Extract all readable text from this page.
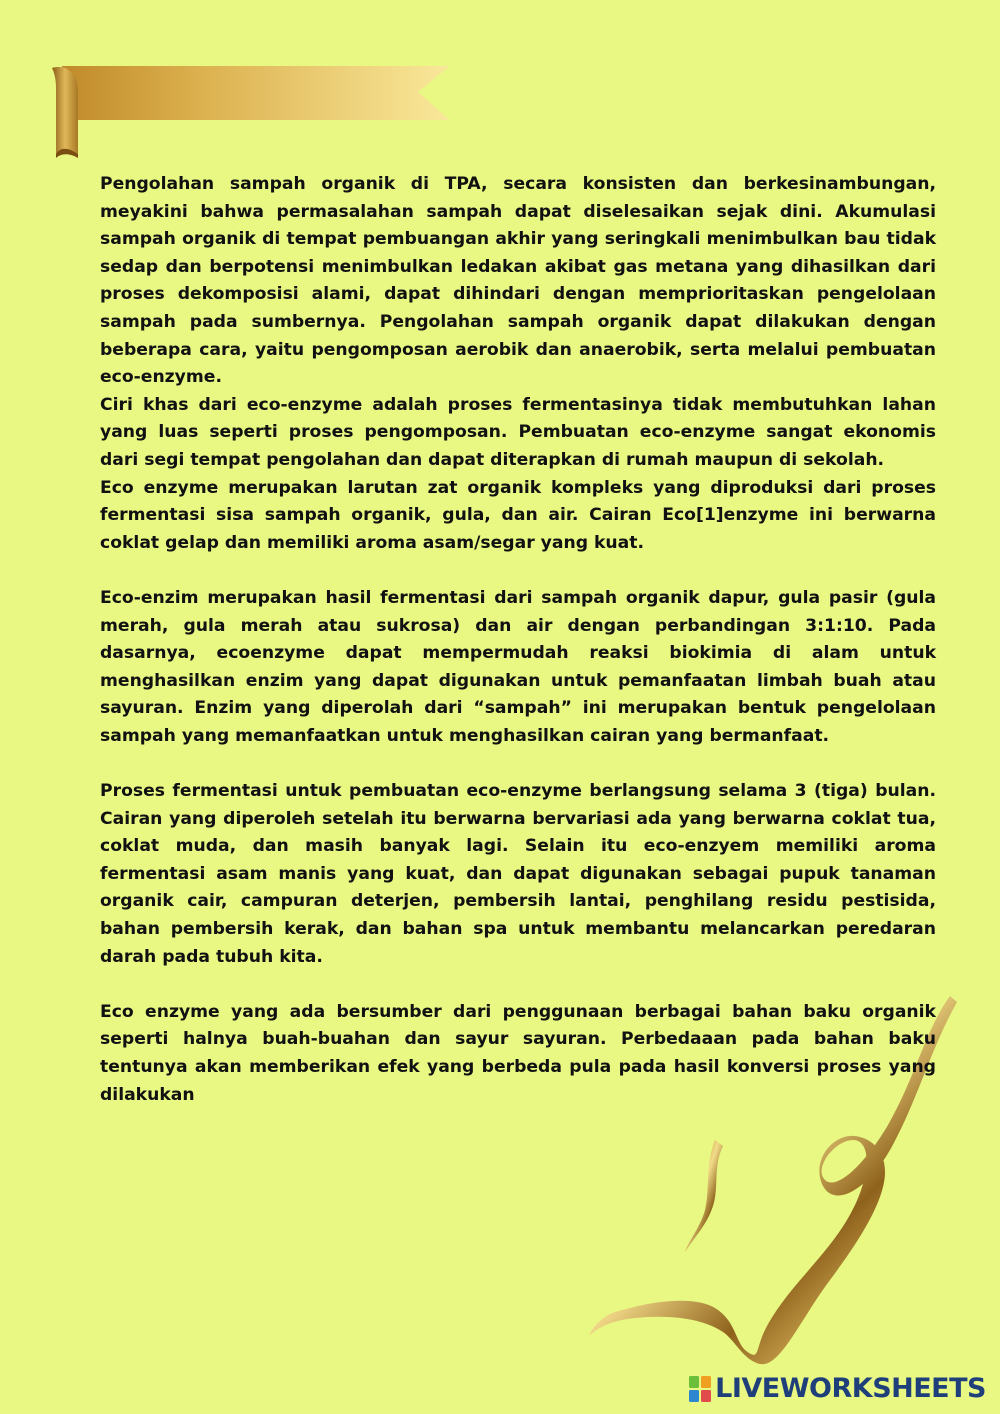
Pengolahan sampah organik di TPA, secara konsisten dan berkesinambungan, meyakini bahwa permasalahan sampah dapat diselesaikan sejak dini. Akumulasi sampah organik di tempat pembuangan akhir yang seringkali menimbulkan bau tidak sedap dan berpotensi menimbulkan ledakan akibat gas metana yang dihasilkan dari proses dekomposisi alami, dapat dihindari dengan memprioritaskan pengelolaan sampah pada sumbernya. Pengolahan sampah organik dapat dilakukan dengan beberapa cara, yaitu pengomposan aerobik dan anaerobik, serta melalui pembuatan eco-enzyme.

Ciri khas dari eco-enzyme adalah proses fermentasinya tidak membutuhkan lahan yang luas seperti proses pengomposan. Pembuatan eco-enzyme sangat ekonomis dari segi tempat pengolahan dan dapat diterapkan di rumah maupun di sekolah.

Eco enzyme merupakan larutan zat organik kompleks yang diproduksi dari proses fermentasi sisa sampah organik, gula, dan air. Cairan Eco[1]enzyme ini berwarna coklat gelap dan memiliki aroma asam/segar yang kuat.

Eco-enzim merupakan hasil fermentasi dari sampah organik dapur, gula pasir (gula merah, gula merah atau sukrosa) dan air dengan perbandingan 3:1:10. Pada dasarnya, ecoenzyme dapat mempermudah reaksi biokimia di alam untuk menghasilkan enzim yang dapat digunakan untuk pemanfaatan limbah buah atau sayuran. Enzim yang diperolah dari “sampah” ini merupakan bentuk pengelolaan sampah yang memanfaatkan untuk menghasilkan cairan yang bermanfaat.

Proses fermentasi untuk pembuatan eco-enzyme berlangsung selama 3 (tiga) bulan. Cairan yang diperoleh setelah itu berwarna bervariasi ada yang berwarna coklat tua, coklat muda, dan masih banyak lagi. Selain itu eco-enzyem memiliki aroma fermentasi asam manis yang kuat, dan dapat digunakan sebagai pupuk tanaman organik cair, campuran deterjen, pembersih lantai, penghilang residu pestisida, bahan pembersih kerak, dan bahan spa untuk membantu melancarkan peredaran darah pada tubuh kita.

Eco enzyme yang ada bersumber dari penggunaan berbagai bahan baku organik seperti halnya buah-buahan dan sayur sayuran. Perbedaaan pada bahan baku tentunya akan memberikan efek yang berbeda pula pada hasil konversi proses yang dilakukan

LIVEWORKSHEETS
